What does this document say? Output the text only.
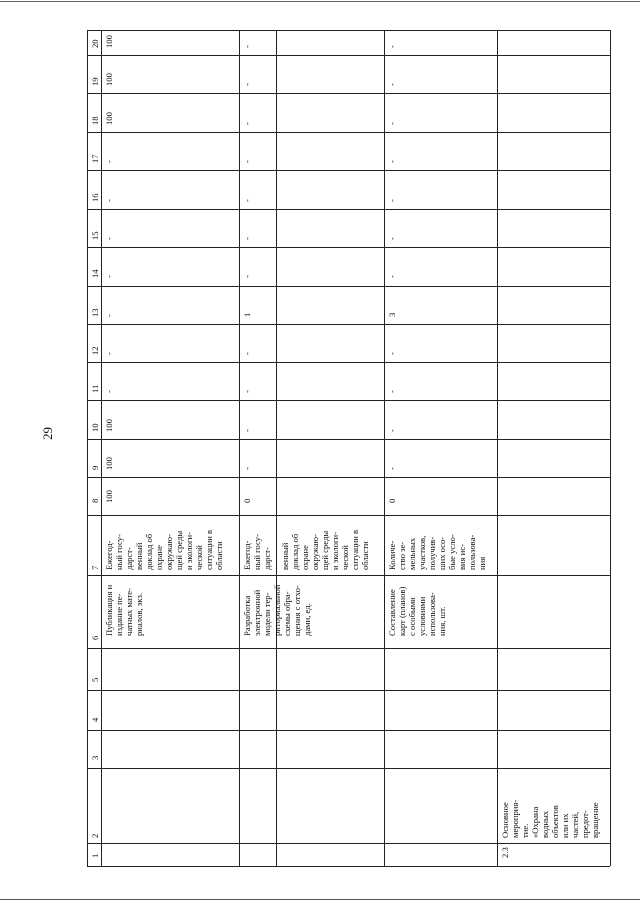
29
1
2
3
4
5
6
7
8
9
10
11
12
13
14
15
16
17
18
19
20
Публикация и
издание пе-
чатных мате-
риалов, экз.
Ежегод-
ный госу-
дарст-
венный
доклад об
охране
окружаю-
щей среды
и экологи-
ческой
ситуации в
области
100
100
100
-
-
-
-
-
-
-
100
100
100
Разработка
электронной
модели тер-
риториальной
схемы обра-
щения с отхо-
дами, ед.
Ежегод-
ный госу-
дарст- венный
доклад об
охране
окружаю-
щей среды
и экологи-
ческой
ситуации в
области
0
-
-
-
-
1
-
-
-
-
-
-
-
Составление
карт (планов)
с особыми
условиями
использова-
ния, шт.
Количе-
ство зе-
мельных
участков,
получив-
ших осо-
бые усло-
вия ис-
пользова-
ния
0
-
-
-
-
3
-
-
-
-
-
-
-
2.3
Основное
мероприя-
тие.
«Охрана
водных
объектов
или их
частей,
предот-
вращение
